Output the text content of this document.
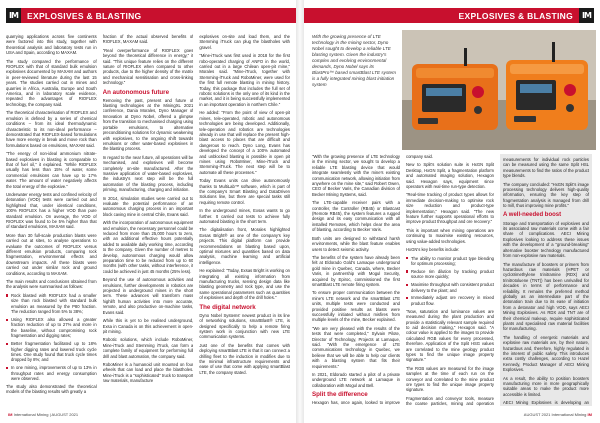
IM	EXPLOSIVES & BLASTING

quarrying applications across five continents were factored into this study, together with theoretical analysis and laboratory tests run in USA and Spain, according to MAXAM.

The study compared the performance of RIOFLEX with that of standard bulk emulsion explosives documented by MAXAM and authors in peer-reviewed literature during the last 15 years. The studies carried out in mines and quarries in Africa, Australia, Europe and South America, and in laboratory scale evidence, repeated the advantages of RIOFLEX technology, the company said.

The theoretical characterisation of RIOFLEX and emulsion is defined by a series of chemical conditions – from its ideal thermodynamic characteristic to its non-ideal performance – demonstrated that RIOFLEX-based formulations have more energy in break and move rock than formulations based on emulsions, MAXAM said.

"The energy of non-ideal ammonium nitrate-based explosives in blasting is comparable to that of fuel oil," it explained. "While RIOFLEX usually has less than 15% of water, some commercial emulsions can have up to 17% water. The amount of water negatively affects the total energy of the explosive."

Underwater energy tests and confined velocity of detonation (VOD) tests were carried out and highlighted that, under identical conditions, 100% RIOFLEX has a higher VOD than pure standard emulsion. On average, the VOD of RIOFLEX was found to be 5% higher than that of standard emulsions, MAXAM said.

More than 30 full-scale production blasts were carried out at sites, to analyse operations to evaluate the outcomes of RIOFLEX versus different emulsion products, comparing rock fragmentation, environmental effects and downstream impacts. All these blasts were carried out under similar rock and ground conditions, according to MAXAM.

The main results and conclusions obtained from the analysis were summarised as follows:

Rock blasted with RIOFLEX had a smaller size than rock blasted with standard bulk emulsion as measured by the P80 fraction. The reduction ranged from 5% to 38%;
Using RIOFLEX also allowed a greater fraction reduction of up to 27% and more in the baseline, without compromising rock fragmentation and digging rates;
Better fragmentation facilitated up to 18% higher digging rates and lowered truck cycle times. One study found that truck cycle times dropped by 8%; and
In one mining, improvements of up to 13% in throughput rates and energy consumption were observed.

The study also demonstrated the theoretical models of the blasting results with greatly a

fraction of the actual observed benefits of RIOFLEX, MAXAM said.

"Real overperformance of RIOFLEX goes beyond the theoretical difference in energy," it said. "This unique feature relies on the different nature of RIOFLEX when compared to other products, due to the higher density of the matrix and mechanical sensitisation and cross-linking technology."

An autonomous future

Removing the past, present and future of blasting technologies at the MiningXL 2021 conference, Dania Morales, Dyno Manager of Innovation at Dyno Nobel, offered a glimpse from the transition to mechanised charging using portable emulsions, to alternative preconditioning solutions for dynamic weakening with explosives, to the ongoing shift towards emulsions or other water-based explosives in the blasting process.

In regard to the near future, all operations will be mechanised, and explosives will become completely on-site manufactured. After the massive application of water-based explosives, the industry's next step will be the full automation of the blasting process, including priming, manufacturing, charging and initiation.

In 2014, simulation studies were carried out to evaluate the potential performance of an autonomous charging process in an important block caving mine in central Chile, Evans said.

With the incorporation of autonomous equipment and emulsion, the necessary personnel could be reduced from more than 25,000 hours to zero, with an additional effective hours potentially added to available daily working time, according to the company. Given the number of metres to develop, autonomous charging would allow preparation time to be reduced from up to 60 months (with other tasks, without interference, it could be achieved in just 45 months (25% less).

Beyond the use of autonomous activities and emulsions, further developments in robotics are projected in underground mines in the short term. These advances will transform mass highlift human activities into more accurate, remote, and also productive on-machine tasks, Evans said.

While this is yet to be realised underground, Exsa in Canada is on this achievement in open-pit mining.

Robotic solutions, which include RoboMiner, Mine-iTruck and Stemming iTruck, can form a complete family of equipment for performing full drill and blast automation, the company said.

RoboMiner is a humanoid unit mounted on four wheels that can load and place the blastholes. Mine-iTruck is a "sophisticated" truck to transport raw materials, manufacture

explosives on-site and load them, and the Stemming iTruck can plug the blastholes with gravel.

"Mine-iTruck was first used in 2018 for the first robo-operated charging of ANFO in the world, carried out in a large Chilean open-pit mine," Morales said. "Mine-iTruck, together with Stemming-iTruck and RoboMiner, were used for the first full remote blasting in mining history. Today, this package that includes the full set of robotic solutions is the only one of its kind in the market, and it is being successfully implemented in an important operation in northern Chile."

He added: "From the point of view of open-pit mines, tele-operated, robotic and autonomous technologies are being developed. Additionally, tele-operation and robotics are technologies already in use that will replace the present high-blast access to places that are difficult and dangerous to reach. Dyno Long, Evans has developed the concept of a 100% automated and unblocked blasting is possible in open pit mines using RoboMiner, Mine-iTruck and Stemming-iTruck. The next step will be to automate all these processes."

Today Evans units can drive autonomously thanks to MultiLab™ software, which is part of the company's Smart Blasting and DataDriven Solutions line, but there are special tasks still requiring remote control.

In the underground mines, Exsas wants to go further. It carried out tests to achieve fully automated blasting in the short term.

The digitalisation front, Morales highlighted Exsas Bright® as one of the company's key projects. This digital platform can provide recommendations on blasting based upon, optimal mixtures and quantities based on data analysis, machine learning and artificial intelligence.

He explained: "Today, Exsas Bright is working on integrating all existing information from manufacturing trucks, sensing design data like blasting geometry and rock type, and use the same operational parameters such as quantities of explosives and depth of the drill holes."

The digital network

Dyno Nobel Systems' newest product in its line of networking solutions, smartBlast® LTE, is designed specifically to help a remote firing system work in conjunction with new LTE communication systems.

Just one of the benefits that comes with deploying smartBlast LTE is that it can connect a drilling fleet to the induction in modifies due to the minimal infrastructure requirements and ease of use that come with applying smartBlast LTE, the company stated.

IM International Mining | AUGUST 2021
EXPLOSIVES & BLASTING	IM
With the growing presence of LTE technology in the mining sector, Dyno Nobel sought to develop a reliable LTE blasting system. Given the industry's complex and evolving environmental demands, Dyno Nobel says its BlastPro™ based smartBlast LTE system is a fully integrated mining blast initiation system

"With the growing presence of LTE technology in the mining sector, we sought to develop a reliable LTE blasting device that would integrate seamlessly with the mine's existing communication network, allowing initiation from anywhere on the mine site," said Robert Owen, CEO of Becker Varis, the Canadian division of Becker Mining Systems, said.

The LTE-capable receiver pairs with a controller, the Controller (RB45) or Blastcast (Remote RB45), the system features a rugged design and its easy communication with all installed Remotes, which helps clear the area of blasting, according to Becker Varis.

Both units are designed to withstand harsh environments, while the blast feature enables users to detect seismic activity.

The benefits of the system have already been felt at Eldorado Gold's Lamaque underground gold mine in Quebec, Canada, where, Becker Varis, in partnership with Mogul Security, acquired by Epiroc, commissioned the first smartBlast LTE remote firing system.

To ensure proper communication between the mine's LTE network and the smartBlast LTE units, multiple tests were conducted and provided positive results as blasts were successfully initiated without misfires from multiple levels of the mine, Becker explained.

"We are very pleased with the results of the tests that were completed," Sylvain Pilote, Director of Technology, Projects at Lamaque, said. "With the emergence of LTE communications technology in Quebec, we believe that we will be able to help our clients with a blasting system that fits their requirements."

In 2021, Eldorado started a pilot of a private underground LTE network at Lamaque in collaboration with Mogul and Bell.

Split the difference

Hexagon has, once again, looked to improve

company said.

New to Split's solution suite is HxGN Split Desktop, HxGN Split, a fragmentation platform and automated imaging solution, Hexagon said. Hexagon says, equipment since operators with real-time run-type detection.

"Real-time tracking of product types allows for immediate decision-making to optimise rock size reduction and product-type implementation," Hexagon said. "The new feature further supports operational efforts to improve product throughput and ore recovery."

This is important when mining operations are continuing to maximise existing resources, using value-added technologies.

HxGN's key benefits include:

The ability to monitor product type blending for optimum processing;
Reduce rim dilution by tracking product source more quickly;
Maximise throughput with consistent product delivery to the plant; and
Immediately adjust ore recovery in mixed product flow.

"Now, saturation and luminance values are measured during the plant production and provide a statistically relevant sample required to aid decision making," Hexagon said. "A colour value is applied to the images to provide calculated RGB values for every processed, therefore. Application of the Split HSG values are correlated to the mine geology product types to find the unique image property signature."

The RGB values are measured for the image samples at the time of each run on the conveyor and correlated to the mine product ore types to find the unique image property signature.

Fragmentation and conveyor tools, measure the coarse particles, mining and operation

measurements for individual rock particles can be measured using the same Split HSL measurements to find the ratios of the product type blends.

The company concluded: "HxGN Split's image processing technology delivers high-quality information, ensuring the key step of fragmentation analysis is managed from drill to mill, thus improving mine profits."

A well-needed boost

Storage and transportation of explosives and its associated raw materials come with a fair share of complications. AECI Mining Explosives looking to address these issues with the development of a "ground-breaking" alternative booster technology manufactured from non-explosive raw materials.

The manufacture of boosters or primers from hazardous raw materials (HPET or cyclotrimethylene trinitramine (RDX) and trinitrotoluene (TNT)) has been unrivalled for decades in terms of performance and reliability. It remains the preferred method globally as an intermediate part of the detonation train due to its ease of initiation from a detonator and high VOD, says AECI Mining Explosives. As RDX and TNT are of their chemical makeup, require sophisticated plants and specialised raw material facilities for manufacturing.

The handling of energetic materials and explosive raw materials are, by their nature, hazardous and, therefore, highly regulated in the interest of public safety. This introduces extra costly challenges, according to Hazel Kennedy, Product Manager of AECI Mining Explosives.

As a result, the ability to position boosters manufacturing more in more geographically suitable areas to make the product more accessible is limited.

AECI Mining Explosives is developing an

AUGUST 2021 International Mining IM
